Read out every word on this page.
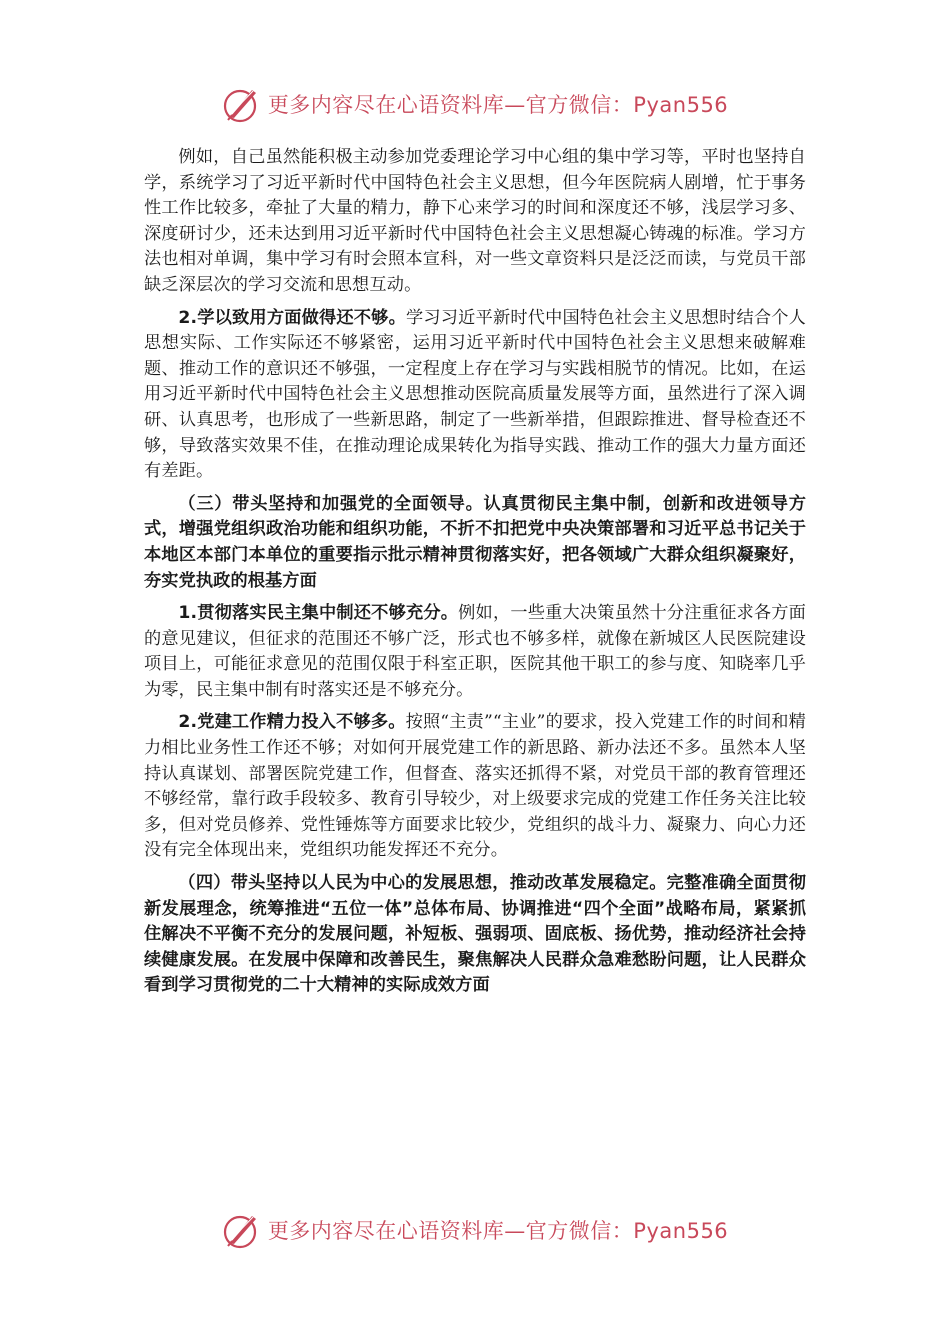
更多内容尽在心语资料库—官方微信：Pyan556

例如，自己虽然能积极主动参加党委理论学习中心组的集中学习等，平时也坚持自学，系统学习了习近平新时代中国特色社会主义思想，但今年医院病人剧增，忙于事务性工作比较多，牵扯了大量的精力，静下心来学习的时间和深度还不够，浅层学习多、深度研讨少，还未达到用习近平新时代中国特色社会主义思想凝心铸魂的标准。学习方法也相对单调，集中学习有时会照本宣科，对一些文章资料只是泛泛而读，与党员干部缺乏深层次的学习交流和思想互动。

2.学以致用方面做得还不够。学习习近平新时代中国特色社会主义思想时结合个人思想实际、工作实际还不够紧密，运用习近平新时代中国特色社会主义思想来破解难题、推动工作的意识还不够强，一定程度上存在学习与实践相脱节的情况。比如，在运用习近平新时代中国特色社会主义思想推动医院高质量发展等方面，虽然进行了深入调研、认真思考，也形成了一些新思路，制定了一些新举措，但跟踪推进、督导检查还不够，导致落实效果不佳，在推动理论成果转化为指导实践、推动工作的强大力量方面还有差距。

（三）带头坚持和加强党的全面领导。认真贯彻民主集中制，创新和改进领导方式，增强党组织政治功能和组织功能，不折不扣把党中央决策部署和习近平总书记关于本地区本部门本单位的重要指示批示精神贯彻落实好，把各领域广大群众组织凝聚好，夯实党执政的根基方面

1.贯彻落实民主集中制还不够充分。例如，一些重大决策虽然十分注重征求各方面的意见建议，但征求的范围还不够广泛，形式也不够多样，就像在新城区人民医院建设项目上，可能征求意见的范围仅限于科室正职，医院其他干职工的参与度、知晓率几乎为零，民主集中制有时落实还是不够充分。

2.党建工作精力投入不够多。按照“主责”“主业”的要求，投入党建工作的时间和精力相比业务性工作还不够；对如何开展党建工作的新思路、新办法还不多。虽然本人坚持认真谋划、部署医院党建工作，但督查、落实还抓得不紧，对党员干部的教育管理还不够经常，靠行政手段较多、教育引导较少，对上级要求完成的党建工作任务关注比较多，但对党员修养、党性锤炼等方面要求比较少，党组织的战斗力、凝聚力、向心力还没有完全体现出来，党组织功能发挥还不充分。

（四）带头坚持以人民为中心的发展思想，推动改革发展稳定。完整准确全面贯彻新发展理念，统筹推进“五位一体”总体布局、协调推进“四个全面”战略布局，紧紧抓住解决不平衡不充分的发展问题，补短板、强弱项、固底板、扬优势，推动经济社会持续健康发展。在发展中保障和改善民生，聚焦解决人民群众急难愁盼问题，让人民群众看到学习贯彻党的二十大精神的实际成效方面

更多内容尽在心语资料库—官方微信：Pyan556
